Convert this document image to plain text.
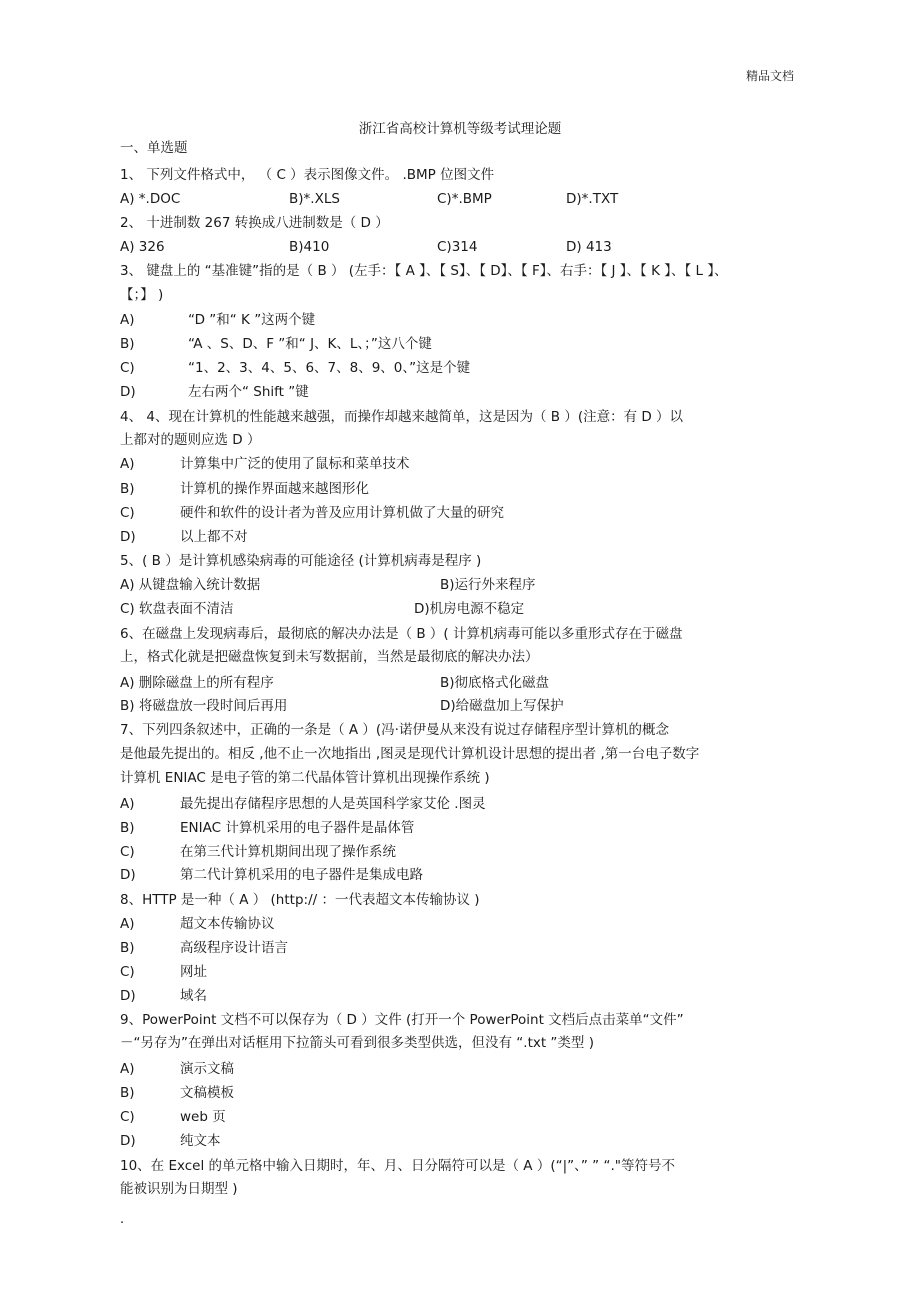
精品文档
浙江省高校计算机等级考试理论题
一、单选题
1、 下列文件格式中， （ C ）表示图像文件。 .BMP 位图文件
A) *.DOC	B)*.XLS	C)*.BMP	D)*.TXT
2、 十进制数 267 转换成八进制数是（ D ）
A) 326	B)410	C)314	D) 413
3、 键盘上的 “基准键”指的是（ B ） (左手：【 A 】、【 S】、【 D】、【 F】、右手：【 J 】、【 K 】、【 L 】、
【；】 )
A)	“D ”和“ K ”这两个键
B)	“A 、S、D、F ”和“ J、K、L、；”这八个键
C)	“1、2、3、4、5、6、7、8、9、0、”这是个键
D)	左右两个“ Shift ”键
4、 4、现在计算机的性能越来越强，而操作却越来越简单，这是因为（ B ）(注意：有 D ）以
上都对的题则应选 D ）
A)	计算集中广泛的使用了鼠标和菜单技术
B)	计算机的操作界面越来越图形化
C)	硬件和软件的设计者为普及应用计算机做了大量的研究
D)	以上都不对
5、( B ）是计算机感染病毒的可能途径 (计算机病毒是程序 )
A) 从键盘输入统计数据	B)运行外来程序
C) 软盘表面不清洁	D)机房电源不稳定
6、在磁盘上发现病毒后，最彻底的解决办法是（ B ）( 计算机病毒可能以多重形式存在于磁盘
上，格式化就是把磁盘恢复到未写数据前，当然是最彻底的解决办法）
A) 删除磁盘上的所有程序	B)彻底格式化磁盘
B) 将磁盘放一段时间后再用	D)给磁盘加上写保护
7、下列四条叙述中，正确的一条是（ A ）(冯·诺伊曼从来没有说过存储程序型计算机的概念
是他最先提出的。相反 ,他不止一次地指出 ,图灵是现代计算机设计思想的提出者 ,第一台电子数字
计算机 ENIAC 是电子管的第二代晶体管计算机出现操作系统 )
A)	最先提出存储程序思想的人是英国科学家艾伦 .图灵
B)	ENIAC 计算机采用的电子器件是晶体管
C)	在第三代计算机期间出现了操作系统
D)	第二代计算机采用的电子器件是集成电路
8、HTTP 是一种（ A ） (http:// ：一代表超文本传输协议 )
A)	超文本传输协议
B)	高级程序设计语言
C)	网址
D)	域名
9、PowerPoint 文档不可以保存为（ D ）文件 (打开一个 PowerPoint 文档后点击菜单“文件”
－“另存为”在弹出对话框用下拉箭头可看到很多类型供选，但没有 “.txt ”类型 )
A)	演示文稿
B)	文稿模板
C)	web 页
D)	纯文本
10、在 Excel 的单元格中输入日期时，年、月、日分隔符可以是（ A ）(“|”、” ” “."等符号不
能被识别为日期型 )
.
